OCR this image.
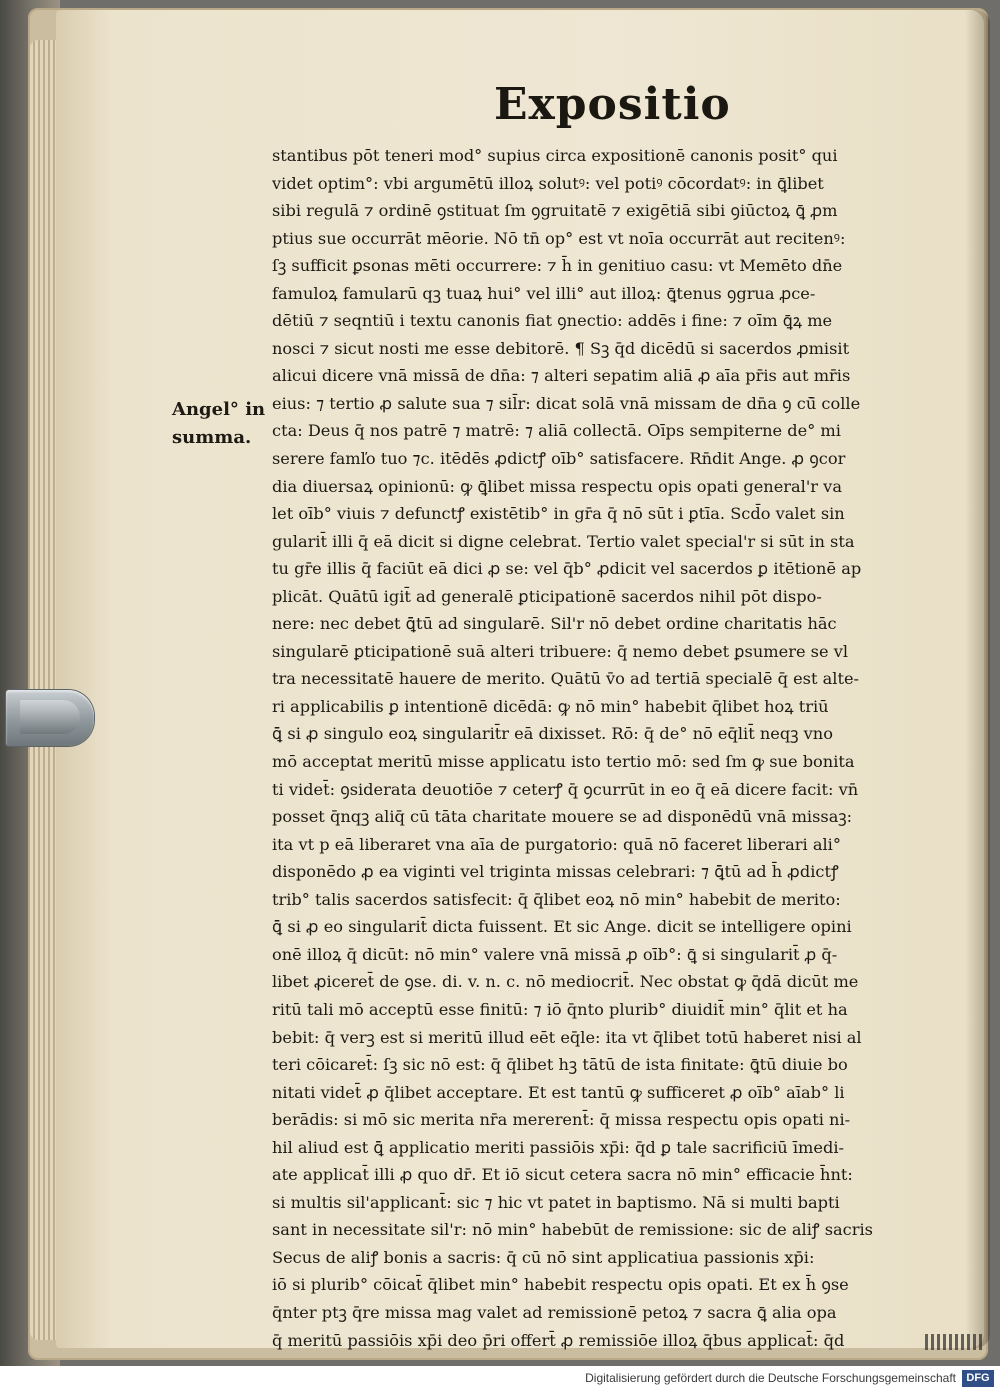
Expositio
Angel° in
summa.
stantibus pōt teneri mod° supius circa expositionē canonis posit° qui
videt optim°: vbi argumētū illoꝝ solutꝰ: vel potiꝰ cōcordatꝰ: in ꝗ̄libet
sibi regulā ⁊ ordinē ꝯstituat ſm ꝯgruitatē ⁊ exigētiā sibi ꝯiūctoꝝ ꝗ̄ ꝓm
ptius sue occurrāt mēorie. Nō tn̄ op° est vt noīa occurrāt aut recitenꝰ:
ſꝫ sufficit ꝑsonas mēti occurrere: ⁊ h̄ in genitiuo casu: vt Memēto dn̄e
famuloꝝ famularū qꝫ tuaꝝ hui° vel illi° aut illoꝝ: ꝗ̄tenus ꝯgrua ꝓce-
dētiū ⁊ seqntiū i textu canonis fiat ꝯnectio: addēs i fine: ⁊ oīm ꝗ̄ꝝ me
nosci ⁊ sicut nosti me esse debitorē. ¶ Sꝫ q̄d dicēdū si sacerdos ꝓmisit
alicui dicere vnā missā de dn̄a: ⁊ alteri sepatim aliā ꝓ aīa pr̄is aut mr̄is
eius: ⁊ tertio ꝓ salute sua ⁊ sil̄r: dicat solā vnā missam de dn̄a ꝯ cū̄ colle
cta: Deus q̄ nos patrē ⁊ matrē: ⁊ aliā collectā. Oīps sempiterne de° mi
serere famľo tuo ⁊c. itēdēs ꝓdictꝭ oīb° satisfacere. Rn̄dit Ange. ꝓ ꝯcor
dia diuersaꝝ opinionū: ꝙ ꝗ̄libet missa respectu opis opati general'r va
let oīb° viuis ⁊ defunctꝭ existētib° in gr̄a q̄ nō sūt i ꝑtīa. Scd̄o valet sin
gularit̄ illi q̄ eā dicit si digne celebrat. Tertio valet special'r si sūt in sta
tu gr̄e illis q̄ faciūt eā dici ꝓ se: vel q̄b° ꝓdicit vel sacerdos ꝑ itētionē ap
plicāt. Quātū igit̄ ad generalē ꝑticipationē sacerdos nihil pōt dispo-
nere: nec debet ꝗ̄tū ad singularē. Sil'r nō debet ordine charitatis hāc
singularē ꝑticipationē suā alteri tribuere: q̄ nemo debet ꝑsumere se vl
tra necessitatē hauere de merito. Quātū v̄o ad tertiā specialē q̄ est alte-
ri applicabilis ꝑ intentionē dicēdā: ꝙ nō min° habebit q̄libet hoꝝ triū
ꝗ̄ si ꝓ singulo eoꝝ singularit̄r eā dixisset. Rō: q̄ de° nō eq̄lit̄ neqꝫ vno
mō acceptat meritū misse applicatu isto tertio mō: sed ſm ꝙ sue bonita
ti videt̄: ꝯsiderata deuotiōe ⁊ ceterꝭ q̄ ꝯcurrūt in eo q̄ eā dicere facit: vn̄
posset q̄nqꝫ aliq̄ cū tāta charitate mouere se ad disponēdū vnā missaꝫ:
ita vt p eā liberaret vna aīa de purgatorio: quā nō faceret liberari ali°
disponēdo ꝓ ea viginti vel triginta missas celebrari: ⁊ ꝗ̄tū ad h̄ ꝓdictꝭ
trib° talis sacerdos satisfecit: q̄ q̄libet eoꝝ nō min° habebit de merito:
ꝗ̄ si ꝓ eo singularit̄ dicta fuissent. Et sic Ange. dicit se intelligere opini
onē illoꝝ q̄ dicūt: nō min° valere vnā missā ꝓ oīb°: ꝗ̄ si singularit̄ ꝓ q̄-
libet ꝓiceret̄ de ꝯse. di. v. n. c. nō mediocrit̄. Nec obstat ꝙ q̄dā dicūt me
ritū tali mō acceptū esse finitū: ⁊ iō q̄nto plurib° diuidit̄ min° q̄lit et ha
bebit: q̄ verꝫ est si meritū illud eēt eq̄le: ita vt q̄libet totū haberet nisi al
teri cōicaret̄: ſꝫ sic nō est: q̄ q̄libet hꝫ tātū de ista finitate: ꝗ̄tū diuie bo
nitati videt̄ ꝓ q̄libet acceptare. Et est tantū ꝙ sufficeret ꝓ oīb° aīab° li
berādis: si mō sic merita nr̄a mererent̄: q̄ missa respectu opis opati ni-
hil aliud est ꝗ̄ applicatio meriti passiōis xp̄i: q̄d ꝑ tale sacrificiū īmedi-
ate applicat̄ illi ꝓ quo dr̄. Et iō sicut cetera sacra nō min° efficacie h̄nt:
si multis sil'applicant̄: sic ⁊ hic vt patet in baptismo. Nā si multi bapti
sant in necessitate sil'r: nō min° habebūt de remissione: sic de aliꝭ sacris
Secus de aliꝭ bonis a sacris: q̄ cū nō sint applicatiua passionis xp̄i:
iō si plurib° cōicat̄ q̄libet min° habebit respectu opis opati. Et ex h̄ ꝯse
q̄nter ptꝫ q̄re missa mag valet ad remissionē petoꝝ ⁊ sacra ꝗ̄ alia opa
q̄ meritū passiōis xp̄i deo p̄ri offert̄ ꝓ remissiōe illoꝝ q̄bus applicat̄: q̄d
Digitalisierung gefördert durch die Deutsche Forschungsgemeinschaft DFG
